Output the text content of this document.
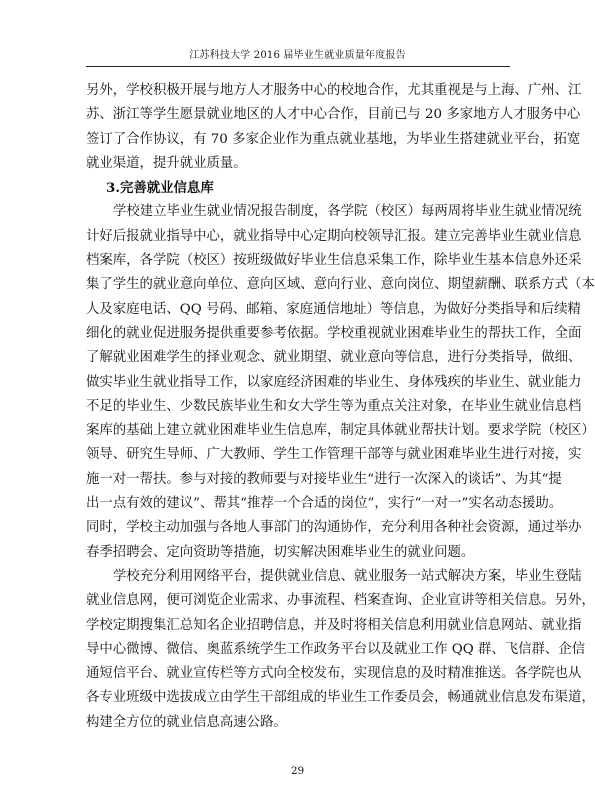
江苏科技大学 2016 届毕业生就业质量年度报告
另外，学校积极开展与地方人才服务中心的校地合作，尤其重视是与上海、广州、江
苏、浙江等学生愿景就业地区的人才中心合作，目前已与 20 多家地方人才服务中心
签订了合作协议，有 70 多家企业作为重点就业基地，为毕业生搭建就业平台，拓宽
就业渠道，提升就业质量。
3.完善就业信息库
学校建立毕业生就业情况报告制度，各学院（校区）每两周将毕业生就业情况统
计好后报就业指导中心，就业指导中心定期向校领导汇报。建立完善毕业生就业信息
档案库，各学院（校区）按班级做好毕业生信息采集工作，除毕业生基本信息外还采
集了学生的就业意向单位、意向区域、意向行业、意向岗位、期望薪酬、联系方式（本
人及家庭电话、QQ 号码、邮箱、家庭通信地址）等信息，为做好分类指导和后续精
细化的就业促进服务提供重要参考依据。学校重视就业困难毕业生的帮扶工作，全面
了解就业困难学生的择业观念、就业期望、就业意向等信息，进行分类指导，做细、
做实毕业生就业指导工作，以家庭经济困难的毕业生、身体残疾的毕业生、就业能力
不足的毕业生、少数民族毕业生和女大学生等为重点关注对象，在毕业生就业信息档
案库的基础上建立就业困难毕业生信息库，制定具体就业帮扶计划。要求学院（校区）
领导、研究生导师、广大教师、学生工作管理干部等与就业困难毕业生进行对接，实
施一对一帮扶。参与对接的教师要与对接毕业生“进行一次深入的谈话”、为其“提
出一点有效的建议”、帮其“推荐一个合适的岗位”，实行“一对一”实名动态援助。
同时，学校主动加强与各地人事部门的沟通协作，充分利用各种社会资源，通过举办
春季招聘会、定向资助等措施，切实解决困难毕业生的就业问题。
学校充分利用网络平台，提供就业信息、就业服务一站式解决方案，毕业生登陆
就业信息网，便可浏览企业需求、办事流程、档案查询、企业宣讲等相关信息。另外，
学校定期搜集汇总知名企业招聘信息，并及时将相关信息利用就业信息网站、就业指
导中心微博、微信、奥蓝系统学生工作政务平台以及就业工作 QQ 群、飞信群、企信
通短信平台、就业宣传栏等方式向全校发布，实现信息的及时精准推送。各学院也从
各专业班级中选拔成立由学生干部组成的毕业生工作委员会，畅通就业信息发布渠道，
构建全方位的就业信息高速公路。
29
